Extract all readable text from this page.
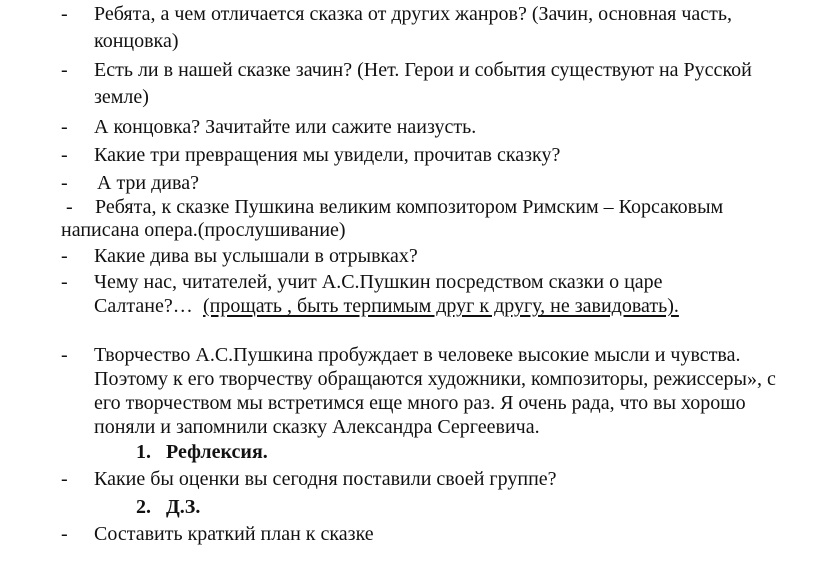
- Ребята, а чем отличается сказка от других жанров? (Зачин, основная часть,
концовка)
- Есть ли в нашей сказке зачин? (Нет. Герои и события существуют на Русской
земле)
- А концовка? Зачитайте или сажите наизусть.
- Какие три превращения мы увидели, прочитав сказку?
- А три дива?
- Ребята, к сказке Пушкина великим композитором Римским – Корсаковым
написана опера.(прослушивание)
- Какие дива вы услышали в отрывках?
- Чему нас, читателей, учит А.С.Пушкин посредством сказки о царе
Салтане?… (прощать , быть терпимым друг к другу, не завидовать).
- Творчество А.С.Пушкина пробуждает в человеке высокие мысли и чувства.
Поэтому к его творчеству обращаются художники, композиторы, режиссеры», с
его творчеством мы встретимся еще много раз. Я очень рада, что вы хорошо
поняли и запомнили сказку Александра Сергеевича.
1. Рефлексия.
- Какие бы оценки вы сегодня поставили своей группе?
2. Д.З.
- Составить краткий план к сказке
